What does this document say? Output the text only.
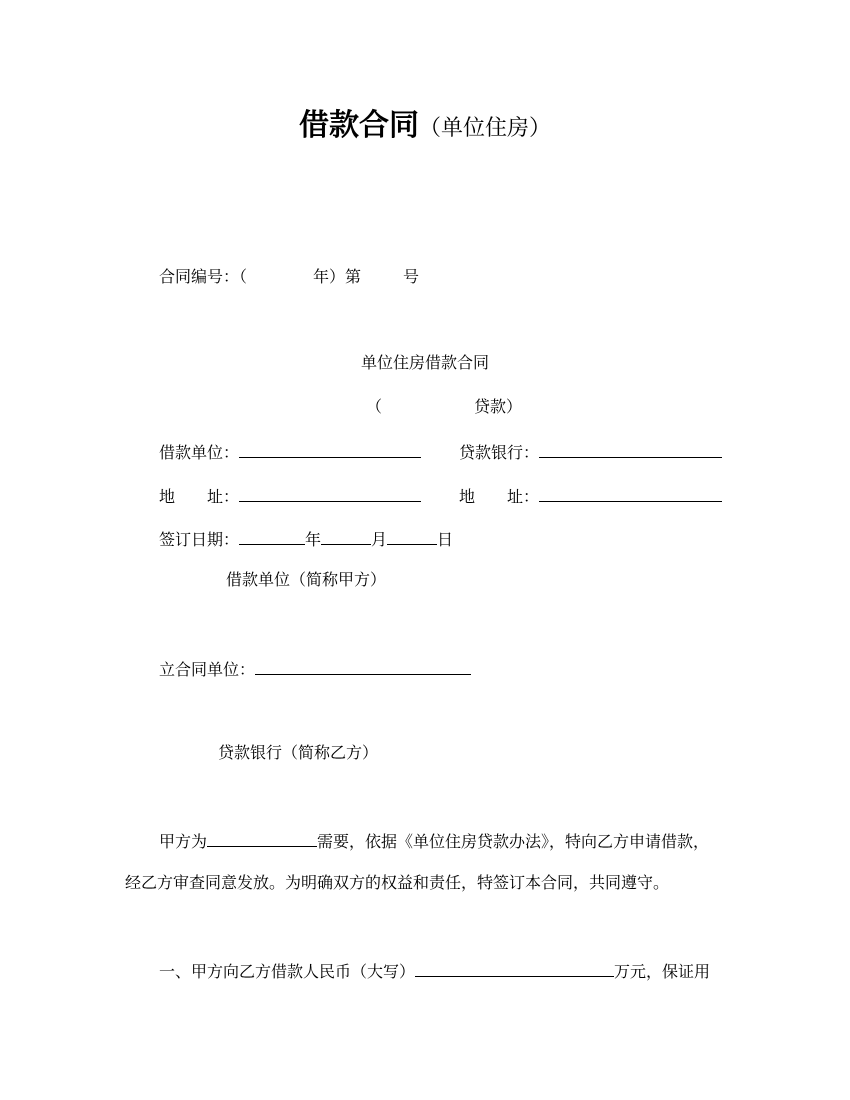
借款合同（单位住房）
合同编号：（	年）第	号
单位住房借款合同
（	贷款）
借款单位：	贷款银行：
地 址：	地 址：
签订日期：	年	月	日
借款单位（简称甲方）
立合同单位：
贷款银行（简称乙方）
甲方为	需要，依据《单位住房贷款办法》，特向乙方申请借款，
经乙方审查同意发放。为明确双方的权益和责任，特签订本合同，共同遵守。
一、甲方向乙方借款人民币（大写）	万元，保证用
